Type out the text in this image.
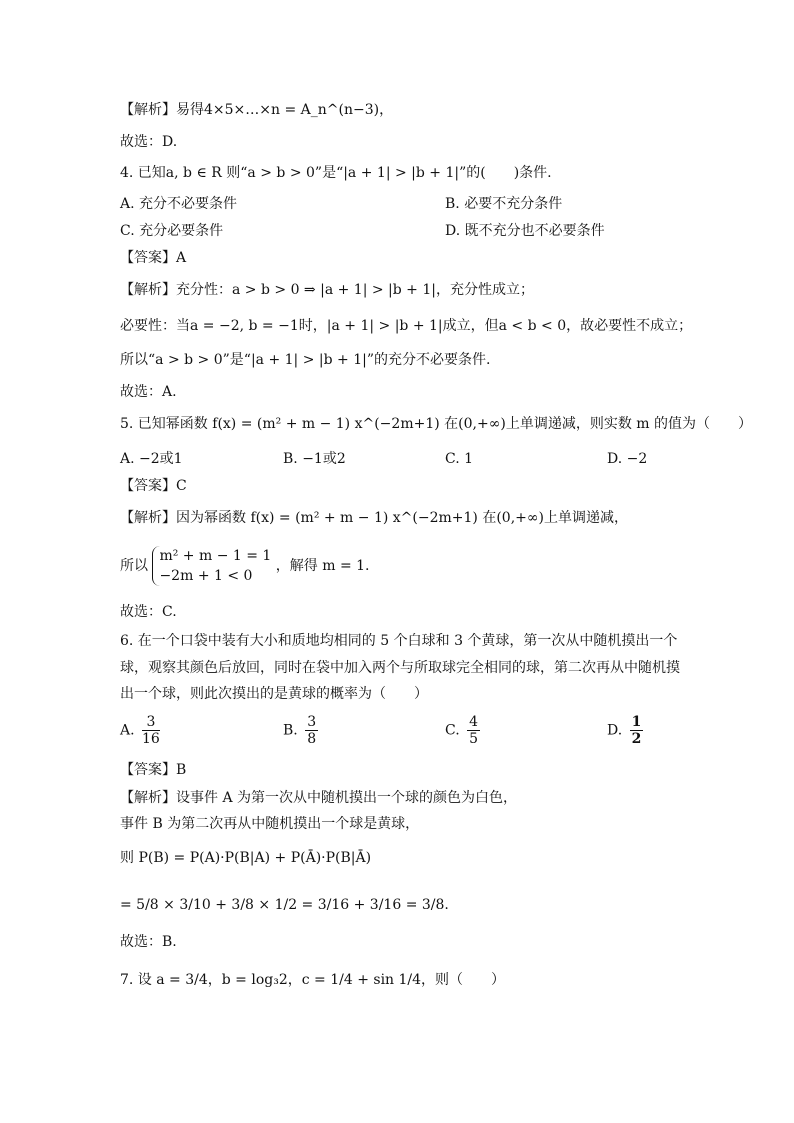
【解析】易得4×5×…×n = A_n^(n−3)，
故选：D.
4. 已知a, b ∈ R 则“a > b > 0”是“|a + 1| > |b + 1|”的(　　)条件.
A. 充分不必要条件	B. 必要不充分条件
C. 充分必要条件	D. 既不充分也不必要条件
【答案】A
【解析】充分性：a > b > 0 ⇒ |a + 1| > |b + 1|，充分性成立；
必要性：当a = −2, b = −1时，|a + 1| > |b + 1|成立，但a < b < 0，故必要性不成立；
所以“a > b > 0”是“|a + 1| > |b + 1|”的充分不必要条件.
故选：A.
5. 已知幂函数 f(x) = (m² + m − 1) x^(−2m+1) 在(0,+∞)上单调递减，则实数 m 的值为（　　）
A. −2或1	B. −1或2	C. 1	D. −2
【答案】C
【解析】因为幂函数 f(x) = (m² + m − 1) x^(−2m+1) 在(0,+∞)上单调递减，
所以
m² + m − 1 = 1
−2m + 1 < 0
，解得 m = 1.
故选：C.
6. 在一个口袋中装有大小和质地均相同的 5 个白球和 3 个黄球，第一次从中随机摸出一个
球，观察其颜色后放回，同时在袋中加入两个与所取球完全相同的球，第二次再从中随机摸
出一个球，则此次摸出的是黄球的概率为（　　）
A. $\frac{3}{16}$	B. $\frac{3}{8}$	C. $\frac{4}{5}$	D. $\frac{1}{2}$
【答案】B
【解析】设事件 A 为第一次从中随机摸出一个球的颜色为白色，
事件 B 为第二次再从中随机摸出一个球是黄球，
则 P(B) = P(A)·P(B|A) + P(Ā)·P(B|Ā)
= 5/8 × 3/10 + 3/8 × 1/2 = 3/16 + 3/16 = 3/8.
故选：B.
7. 设 a = 3/4，b = log₃2，c = 1/4 + sin 1/4，则（　　）
